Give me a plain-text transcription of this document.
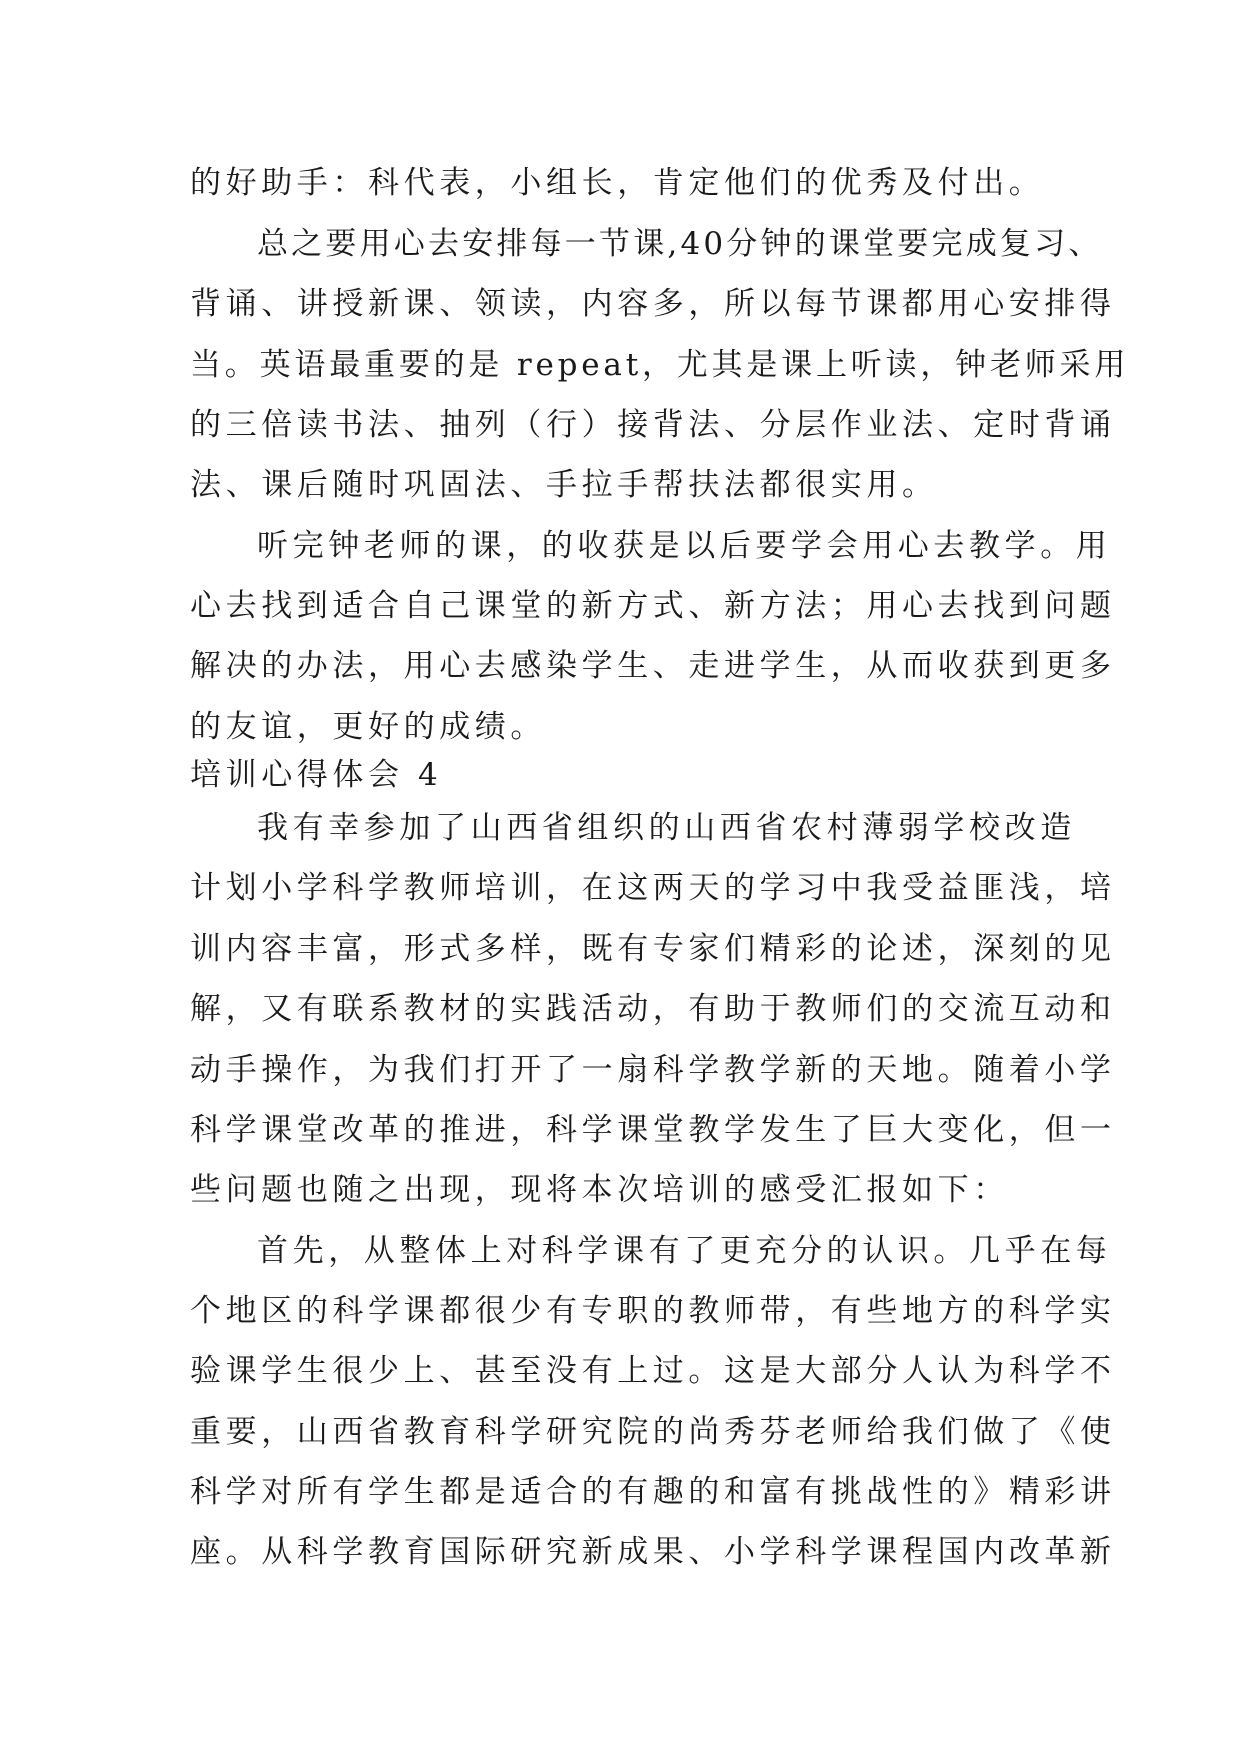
的好助手：科代表，小组长，肯定他们的优秀及付出。

总之要用心去安排每一节课,40分钟的课堂要完成复习、

背诵、讲授新课、领读，内容多，所以每节课都用心安排得

当。英语最重要的是 repeat，尤其是课上听读，钟老师采用

的三倍读书法、抽列（行）接背法、分层作业法、定时背诵

法、课后随时巩固法、手拉手帮扶法都很实用。

听完钟老师的课，的收获是以后要学会用心去教学。用

心去找到适合自己课堂的新方式、新方法；用心去找到问题

解决的办法，用心去感染学生、走进学生，从而收获到更多

的友谊，更好的成绩。

培训心得体会 4

我有幸参加了山西省组织的山西省农村薄弱学校改造

计划小学科学教师培训，在这两天的学习中我受益匪浅，培

训内容丰富，形式多样，既有专家们精彩的论述，深刻的见

解，又有联系教材的实践活动，有助于教师们的交流互动和

动手操作，为我们打开了一扇科学教学新的天地。随着小学

科学课堂改革的推进，科学课堂教学发生了巨大变化，但一

些问题也随之出现，现将本次培训的感受汇报如下：

首先，从整体上对科学课有了更充分的认识。几乎在每

个地区的科学课都很少有专职的教师带，有些地方的科学实

验课学生很少上、甚至没有上过。这是大部分人认为科学不

重要，山西省教育科学研究院的尚秀芬老师给我们做了《使

科学对所有学生都是适合的有趣的和富有挑战性的》精彩讲

座。从科学教育国际研究新成果、小学科学课程国内改革新
